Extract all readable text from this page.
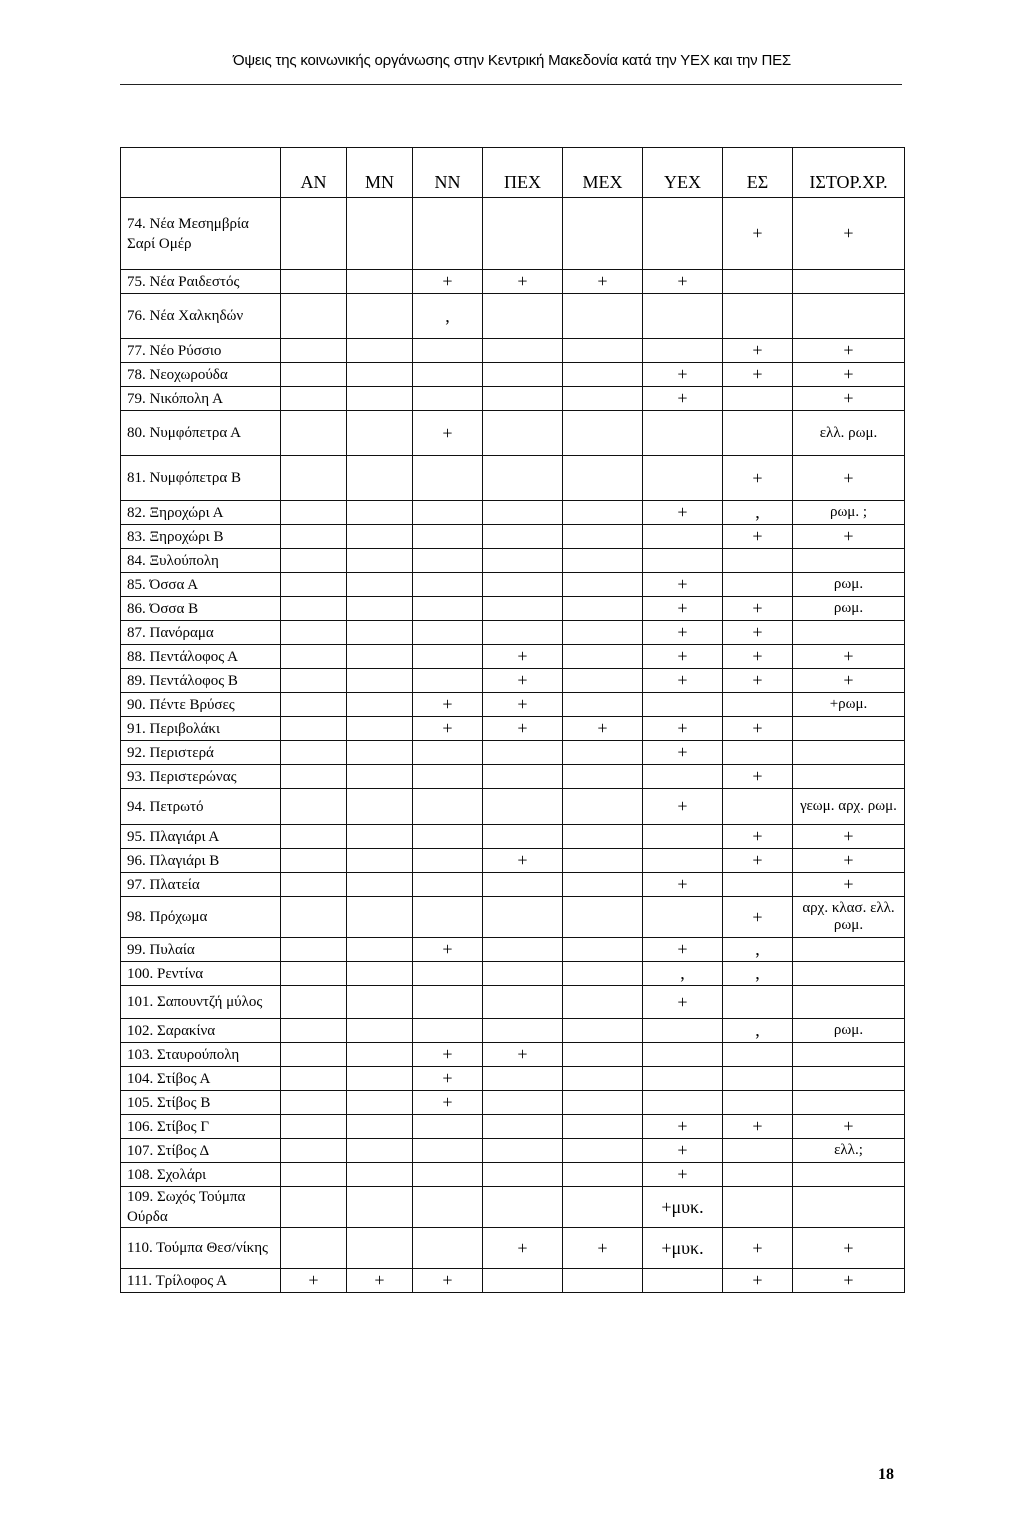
Όψεις της κοινωνικής οργάνωσης στην Κεντρική Μακεδονία κατά την ΥΕΧ και την ΠΕΣ
	ΑΝ	ΜΝ	ΝΝ	ΠΕΧ	ΜΕΧ	ΥΕΧ	ΕΣ	ΙΣΤΟΡ.ΧΡ.
74. Νέα Μεσημβρία Σαρί Ομέρ							+	+
75. Νέα Ραιδεστός			+	+	+	+		
76. Νέα Χαλκηδών			,					
77. Νέο Ρύσσιο							+	+
78. Νεοχωρούδα						+	+	+
79. Νικόπολη Α						+		+
80. Νυμφόπετρα Α			+					ελλ. ρωμ.
81. Νυμφόπετρα Β							+	+
82. Ξηροχώρι Α						+	,	ρωμ. ;
83. Ξηροχώρι Β							+	+
84. Ξυλούπολη								
85. Όσσα Α						+		ρωμ.
86. Όσσα Β						+	+	ρωμ.
87. Πανόραμα						+	+	
88. Πεντάλοφος Α				+		+	+	+
89. Πεντάλοφος Β				+		+	+	+
90. Πέντε Βρύσες			+	+				+ρωμ.
91. Περιβολάκι			+	+	+	+	+	
92. Περιστερά						+		
93. Περιστερώνας							+	
94. Πετρωτό						+		γεωμ. αρχ. ρωμ.
95. Πλαγιάρι Α							+	+
96. Πλαγιάρι Β				+			+	+
97. Πλατεία						+		+
98. Πρόχωμα							+	αρχ. κλασ. ελλ. ρωμ.
99. Πυλαία			+			+	,	
100. Ρεντίνα						,	,	
101. Σαπουντζή μύλος						+		
102. Σαρακίνα							,	ρωμ.
103. Σταυρούπολη			+	+				
104. Στίβος Α			+					
105. Στίβος Β			+					
106. Στίβος Γ						+	+	+
107. Στίβος Δ						+		ελλ.;
108. Σχολάρι						+		
109. Σωχός Τούμπα Ούρδα						+μυκ.		
110. Τούμπα Θεσ/νίκης				+	+	+μυκ.	+	+
111. Τρίλοφος Α	+	+	+				+	+
18
